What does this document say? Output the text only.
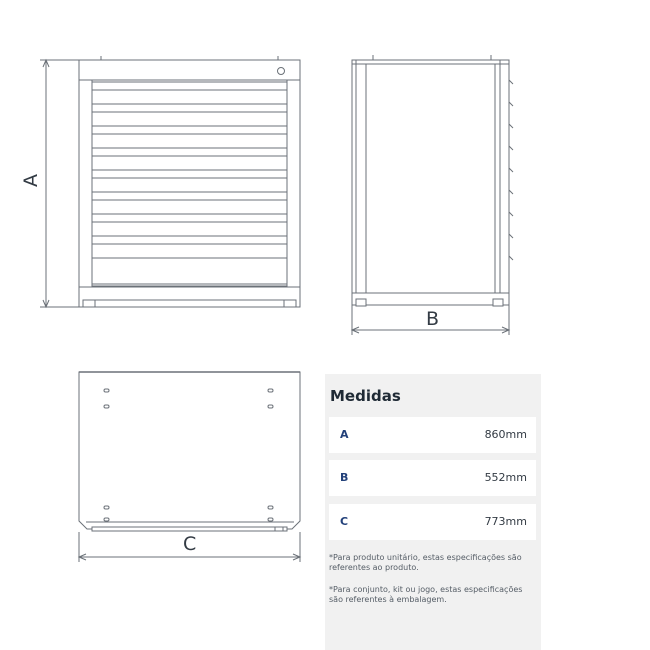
A
B
C
Medidas
A	860mm
B	552mm
C	773mm
*Para produto unitário, estas especificações são referentes ao produto.
*Para conjunto, kit ou jogo, estas especificações são referentes à embalagem.
